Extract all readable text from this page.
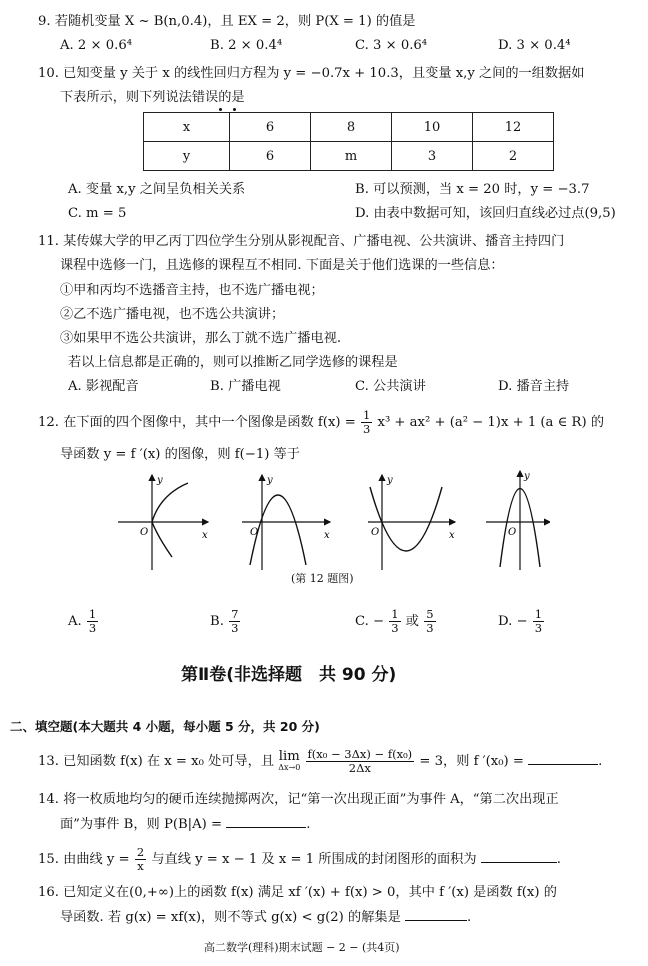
9. 若随机变量 X ~ B(n,0.4)，且 EX = 2，则 P(X = 1) 的值是
A. 2 × 0.6⁴	B. 2 × 0.4⁴	C. 3 × 0.6⁴	D. 3 × 0.4⁴
10. 已知变量 y 关于 x 的线性回归方程为 y = −0.7x + 10.3，且变量 x,y 之间的一组数据如
下表所示，则下列说法错误的是
x	6	8	10	12
y	6	m	3	2
A. 变量 x,y 之间呈负相关关系	B. 可以预测，当 x = 20 时，y = −3.7
C. m = 5	D. 由表中数据可知，该回归直线必过点(9,5)
11. 某传媒大学的甲乙丙丁四位学生分别从影视配音、广播电视、公共演讲、播音主持四门
课程中选修一门，且选修的课程互不相同. 下面是关于他们选课的一些信息：
①甲和丙均不选播音主持，也不选广播电视；
②乙不选广播电视，也不选公共演讲；
③如果甲不选公共演讲，那么丁就不选广播电视.
若以上信息都是正确的，则可以推断乙同学选修的课程是
A. 影视配音	B. 广播电视	C. 公共演讲	D. 播音主持
12. 在下面的四个图像中，其中一个图像是函数 $f(x) = \frac{1}{3} x^3 + ax^2 + (a^2 - 1)x + 1$ (a ∈ R) 的
导函数 y = f ′(x) 的图像，则 f(−1) 等于
y
x
O
y
x
O
y
x
O
y
O
(第 12 题图)
A. $\frac{1}{3}$	B. $\frac{7}{3}$	C. − $\frac{1}{3}$ 或 $\frac{5}{3}$	D. − $\frac{1}{3}$
第Ⅱ卷(非选择题　共 90 分)
二、填空题(本大题共 4 小题，每小题 5 分，共 20 分)
13. 已知函数 f(x) 在 x = x₀ 处可导，且 lim
Δx→0
$\frac{\text{f(x₀ − 3Δx) − f(x₀)}}{2\Delta x} = 3$，则 f ′(x₀) =	.
14. 将一枚质地均匀的硬币连续抛掷两次，记“第一次出现正面”为事件 A，“第二次出现正
面”为事件 B，则 P(B|A) =	.
15. 由曲线 $y = \frac{2}{x}$ 与直线 y = x − 1 及 x = 1 所围成的封闭图形的面积为	.
16. 已知定义在(0,+∞)上的函数 f(x) 满足 xf ′(x) + f(x) > 0，其中 f ′(x) 是函数 f(x) 的
导函数. 若 g(x) = xf(x)，则不等式 g(x) < g(2) 的解集是	.
高二数学(理科)期末试题 − 2 − (共4页)
